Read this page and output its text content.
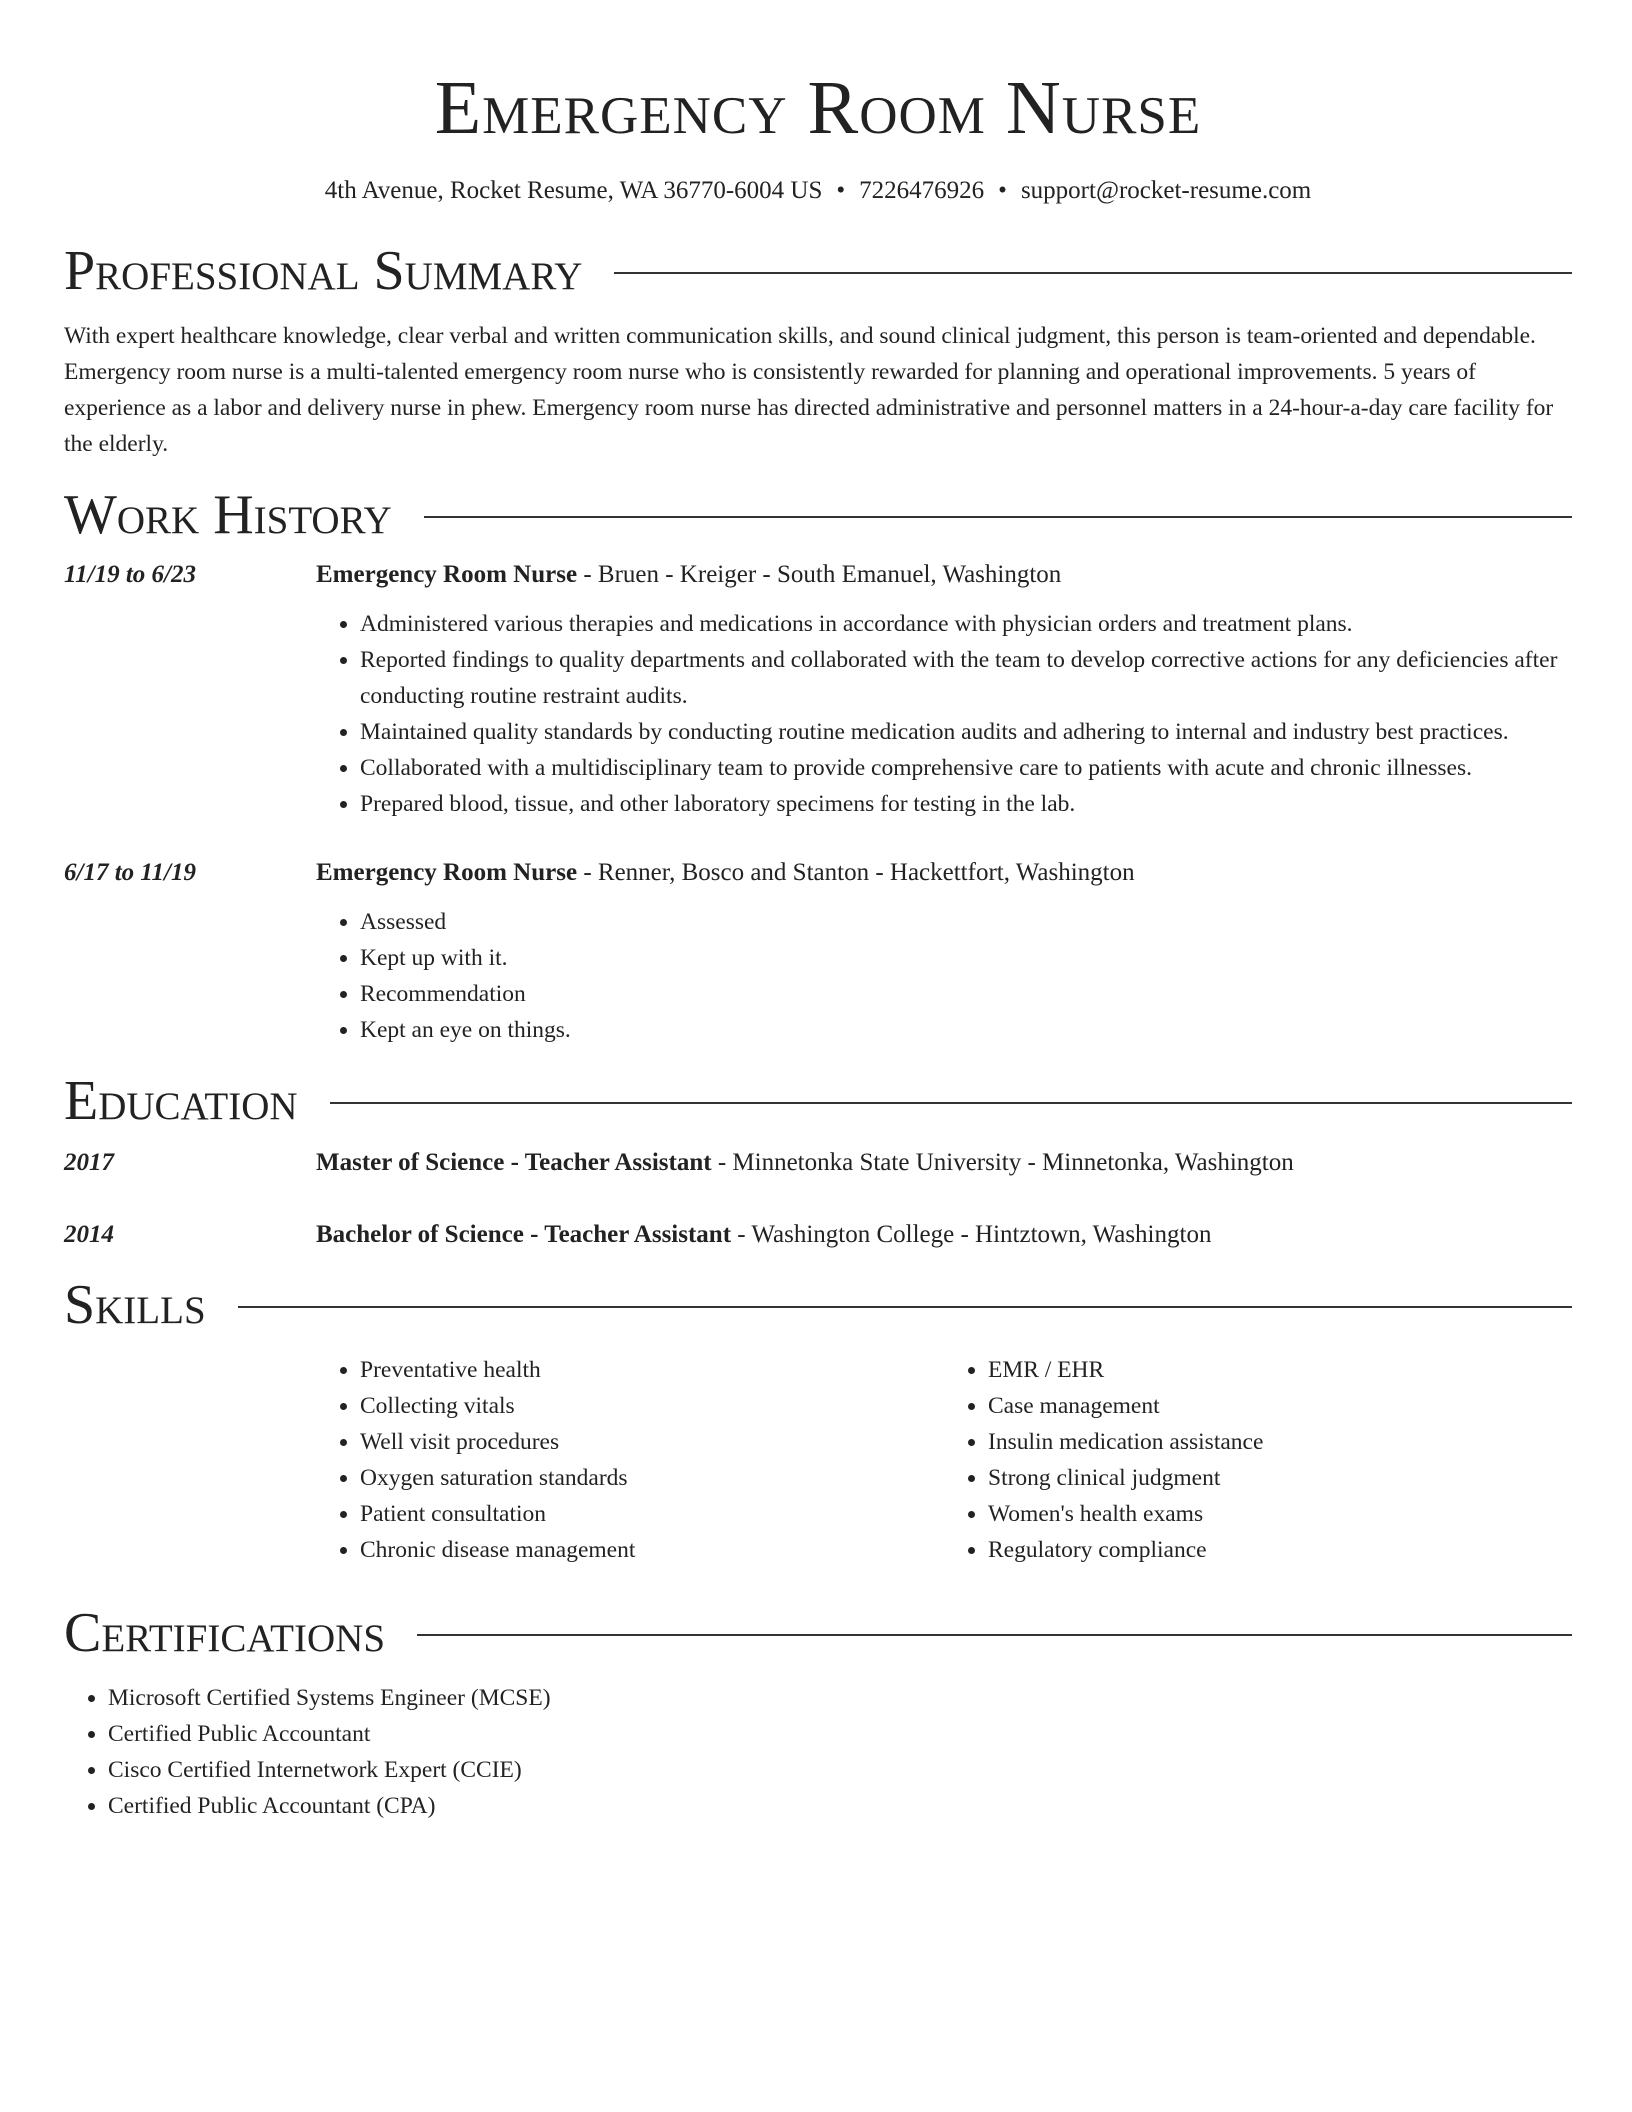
Emergency Room Nurse
4th Avenue, Rocket Resume, WA 36770-6004 US • 7226476926 • support@rocket-resume.com
Professional Summary

With expert healthcare knowledge, clear verbal and written communication skills, and sound clinical judgment, this person is team-oriented and dependable. Emergency room nurse is a multi-talented emergency room nurse who is consistently rewarded for planning and operational improvements. 5 years of experience as a labor and delivery nurse in phew. Emergency room nurse has directed administrative and personnel matters in a 24-hour-a-day care facility for the elderly.

Work History
11/19 to 6/23	Emergency Room Nurse - Bruen - Kreiger - South Emanuel, Washington
• Administered various therapies and medications in accordance with physician orders and treatment plans.
• Reported findings to quality departments and collaborated with the team to develop corrective actions for any deficiencies after conducting routine restraint audits.
• Maintained quality standards by conducting routine medication audits and adhering to internal and industry best practices.
• Collaborated with a multidisciplinary team to provide comprehensive care to patients with acute and chronic illnesses.
• Prepared blood, tissue, and other laboratory specimens for testing in the lab.
6/17 to 11/19	Emergency Room Nurse - Renner, Bosco and Stanton - Hackettfort, Washington
• Assessed
• Kept up with it.
• Recommendation
• Kept an eye on things.
Education
2017	Master of Science - Teacher Assistant - Minnetonka State University - Minnetonka, Washington
2014	Bachelor of Science - Teacher Assistant - Washington College - Hintztown, Washington
Skills
• Preventative health
• Collecting vitals
• Well visit procedures
• Oxygen saturation standards
• Patient consultation
• Chronic disease management
• EMR / EHR
• Case management
• Insulin medication assistance
• Strong clinical judgment
• Women's health exams
• Regulatory compliance
Certifications
• Microsoft Certified Systems Engineer (MCSE)
• Certified Public Accountant
• Cisco Certified Internetwork Expert (CCIE)
• Certified Public Accountant (CPA)
